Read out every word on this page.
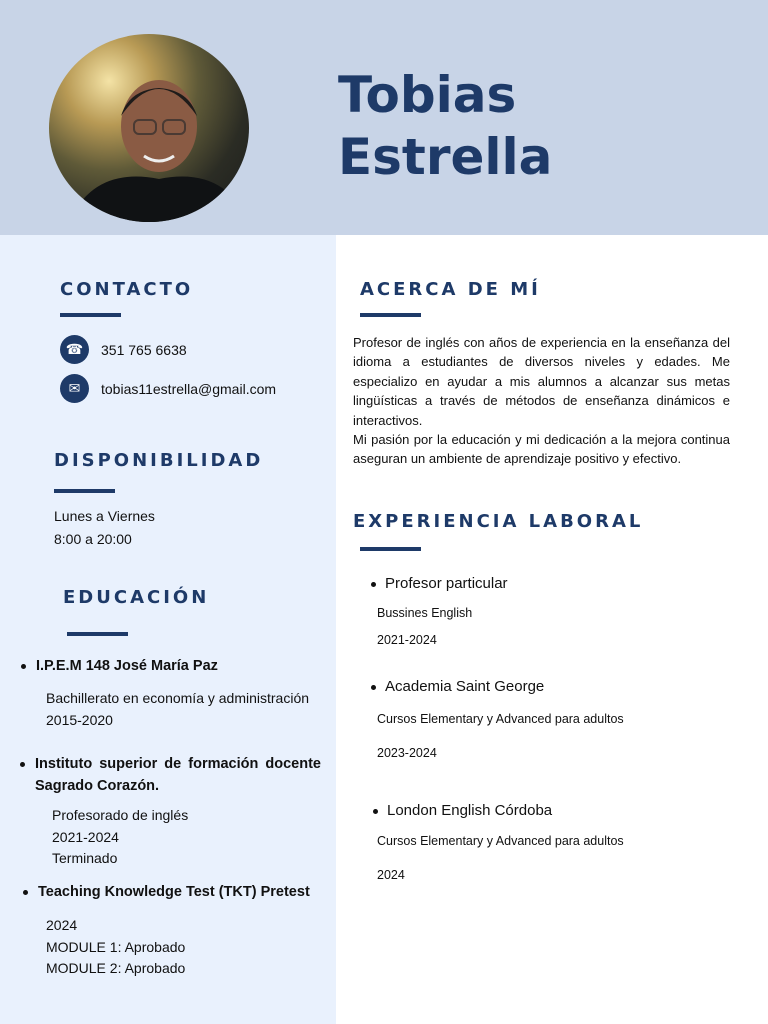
Tobias
Estrella
CONTACTO
☎	351 765 6638
✉	tobias11estrella@gmail.com
DISPONIBILIDAD
Lunes a Viernes
8:00 a 20:00
EDUCACIÓN
I.P.E.M 148 José María Paz
Bachillerato en economía y administración
2015-2020
Instituto superior de formación docente Sagrado Corazón.
Profesorado de inglés
2021-2024
Terminado
Teaching Knowledge Test (TKT) Pretest
2024
MODULE 1: Aprobado
MODULE 2: Aprobado
ACERCA DE MÍ
Profesor de inglés con años de experiencia en la enseñanza del idioma a estudiantes de diversos niveles y edades. Me especializo en ayudar a mis alumnos a alcanzar sus metas lingüísticas a través de métodos de enseñanza dinámicos e interactivos.
Mi pasión por la educación y mi dedicación a la mejora continua aseguran un ambiente de aprendizaje positivo y efectivo.
EXPERIENCIA LABORAL
Profesor particular
Bussines English
2021-2024
Academia Saint George
Cursos Elementary y Advanced para adultos
2023-2024
London English Córdoba
Cursos Elementary y Advanced para adultos
2024
